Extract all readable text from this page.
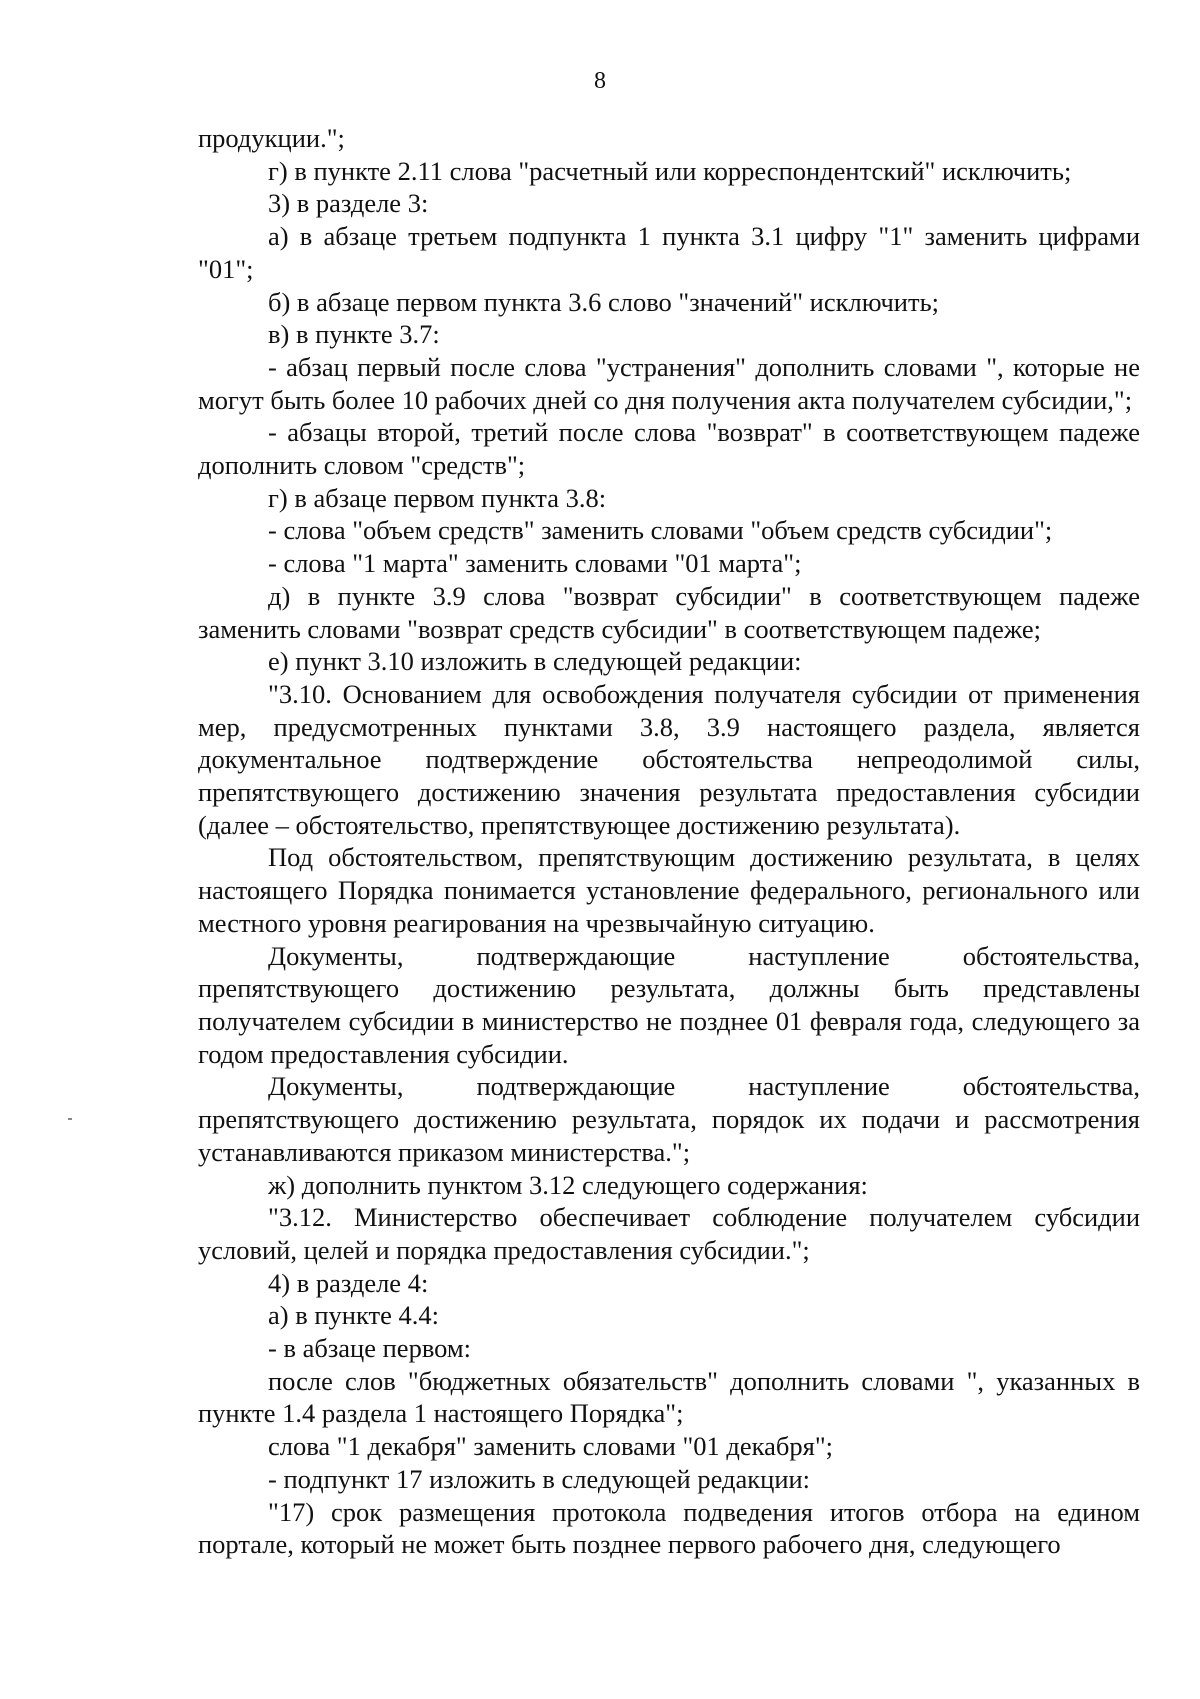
8

продукции.";

г) в пункте 2.11 слова "расчетный или корреспондентский" исключить;

3) в разделе 3:

а) в абзаце третьем подпункта 1 пункта 3.1 цифру "1" заменить цифрами "01";

б) в абзаце первом пункта 3.6 слово "значений" исключить;

в) в пункте 3.7:

- абзац первый после слова "устранения" дополнить словами ", которые не могут быть более 10 рабочих дней со дня получения акта получателем субсидии,";

- абзацы второй, третий после слова "возврат" в соответствующем падеже дополнить словом "средств";

г) в абзаце первом пункта 3.8:

- слова "объем средств" заменить словами "объем средств субсидии";

- слова "1 марта" заменить словами "01 марта";

д) в пункте 3.9 слова "возврат субсидии" в соответствующем падеже заменить словами "возврат средств субсидии" в соответствующем падеже;

е) пункт 3.10 изложить в следующей редакции:

"3.10. Основанием для освобождения получателя субсидии от применения мер, предусмотренных пунктами 3.8, 3.9 настоящего раздела, является документальное подтверждение обстоятельства непреодолимой силы, препятствующего достижению значения результата предоставления субсидии (далее – обстоятельство, препятствующее достижению результата).

Под обстоятельством, препятствующим достижению результата, в целях настоящего Порядка понимается установление федерального, регионального или местного уровня реагирования на чрезвычайную ситуацию.

Документы, подтверждающие наступление обстоятельства, препятствующего достижению результата, должны быть представлены получателем субсидии в министерство не позднее 01 февраля года, следующего за годом предоставления субсидии.

Документы, подтверждающие наступление обстоятельства, препятствующего достижению результата, порядок их подачи и рассмотрения устанавливаются приказом министерства.";

ж) дополнить пунктом 3.12 следующего содержания:

"3.12. Министерство обеспечивает соблюдение получателем субсидии условий, целей и порядка предоставления субсидии.";

4) в разделе 4:

а) в пункте 4.4:

- в абзаце первом:

после слов "бюджетных обязательств" дополнить словами ", указанных в пункте 1.4 раздела 1 настоящего Порядка";

слова "1 декабря" заменить словами "01 декабря";

- подпункт 17 изложить в следующей редакции:

"17) срок размещения протокола подведения итогов отбора на едином портале, который не может быть позднее первого рабочего дня, следующего
